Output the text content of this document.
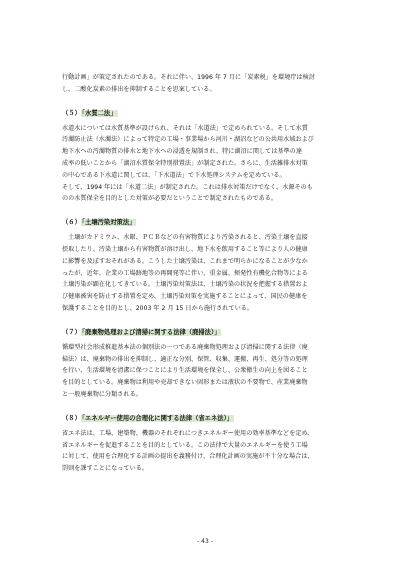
行動計画」が策定されたのである。それに伴い、1996 年 7 月に「炭素税」を環境庁は検討
し、二酸化炭素の排出を抑制することを思案している。

（５）「水質二法」

水道水については水質基準が設けられ、それは「水道法」で定められている。そして水質
汚濁防止法（水濁法）によって特定の工場・事業場から河川・湖沼などの公共用水域および
地下水への汚濁物質の排水と地下水への浸透を規制され、特に湖沼に関しては基準の達
成率の低いことから「湖沼水質保全特別措置法」が制定された。さらに、生活雑排水対策
の中心である下水道に関しては、「下水道法」で下水処理システムを定めている。
そして、1994 年には「水道二法」が制定された。これは排水対策だけでなく、水源そのも
のの水質保全を目的とした対策が必要だということで制定されたものである。

（６）「土壌汚染対策法」

土壌がカドミウム、水銀、ＰＣＢなどの有害物質により汚染されると、汚染土壌を直接
摂取したり、汚染土壌から有害物質が溶け出し、地下水を飲用すること等により人の健康
に影響を及ぼすおそれがある。こうした土壌汚染は、これまで明らかになることが少なか
ったが、近年、企業の工場跡地等の再開発等に伴い、重金属、揮発性有機化合物等による
土壌汚染が顕在化してきている。土壌汚染対策法は、土壌汚染の状況を把握する措置およ
び健康被害を防止する措置を定め、土壌汚染対策を実施することによって、国民の健康を
保護することを目的とし、2003 年 2 月 15 日から施行されている。

（７）「廃棄物処理および清掃に関する法律（廃掃法）」

循環型社会形成推進基本法の個別法の一つである廃棄物処理および清掃に関する法律（廃
掃法）は、廃棄物の排出を抑制し、適正な分別、保管、収集、運搬、再生、処分等の処理
を行い、生活環境を清潔に保つことにより生活環境を保全し、公衆衛生の向上を図ること
を目的としている。廃棄物は利用や売却できない固形または液状の不要物で、産業廃棄物
と一般廃棄物に分類される。

（８）「エネルギー使用の合理化に関する法律（省エネ法）」

省エネ法は、工場、建築物、機器のそれぞれにつきエネルギー使用の効率基準などを定め、
省エネルギーを促進することを目的としている。この法律で大量のエネルギーを使う工場
に対して、使用を合理化する計画の提出を義務付け、合理化計画の実施が不十分な場合は、
罰則を課すことになっている。

- 43 -
